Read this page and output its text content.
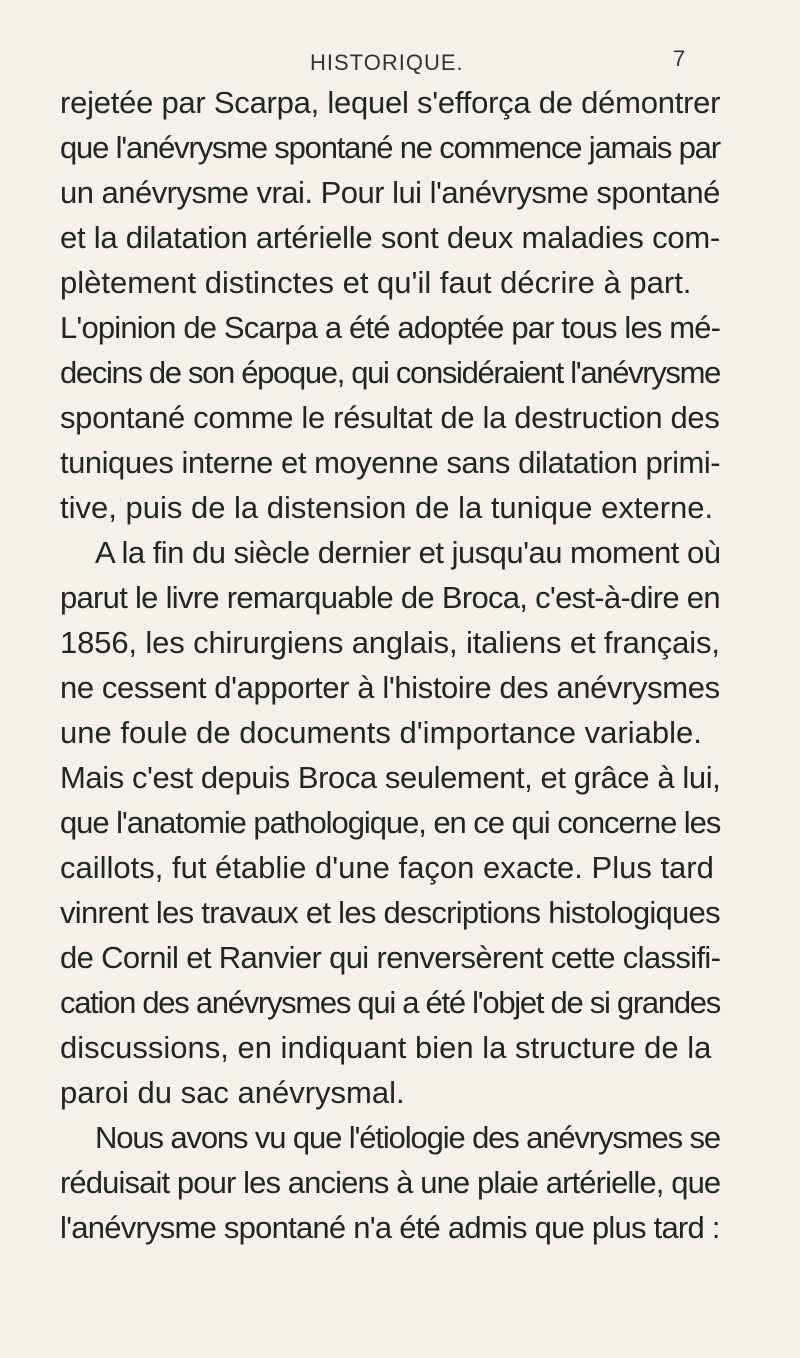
HISTORIQUE.	7
rejetée par Scarpa, lequel s'efforça de démontrer
que l'anévrysme spontané ne commence jamais par
un anévrysme vrai. Pour lui l'anévrysme spontané
et la dilatation artérielle sont deux maladies com-
plètement distinctes et qu'il faut décrire à part.
L'opinion de Scarpa a été adoptée par tous les mé-
decins de son époque, qui considéraient l'anévrysme
spontané comme le résultat de la destruction des
tuniques interne et moyenne sans dilatation primi-
tive, puis de la distension de la tunique externe.
A la fin du siècle dernier et jusqu'au moment où
parut le livre remarquable de Broca, c'est-à-dire en
1856, les chirurgiens anglais, italiens et français,
ne cessent d'apporter à l'histoire des anévrysmes
une foule de documents d'importance variable.
Mais c'est depuis Broca seulement, et grâce à lui,
que l'anatomie pathologique, en ce qui concerne les
caillots, fut établie d'une façon exacte. Plus tard
vinrent les travaux et les descriptions histologiques
de Cornil et Ranvier qui renversèrent cette classifi-
cation des anévrysmes qui a été l'objet de si grandes
discussions, en indiquant bien la structure de la
paroi du sac anévrysmal.
Nous avons vu que l'étiologie des anévrysmes se
réduisait pour les anciens à une plaie artérielle, que
l'anévrysme spontané n'a été admis que plus tard :
